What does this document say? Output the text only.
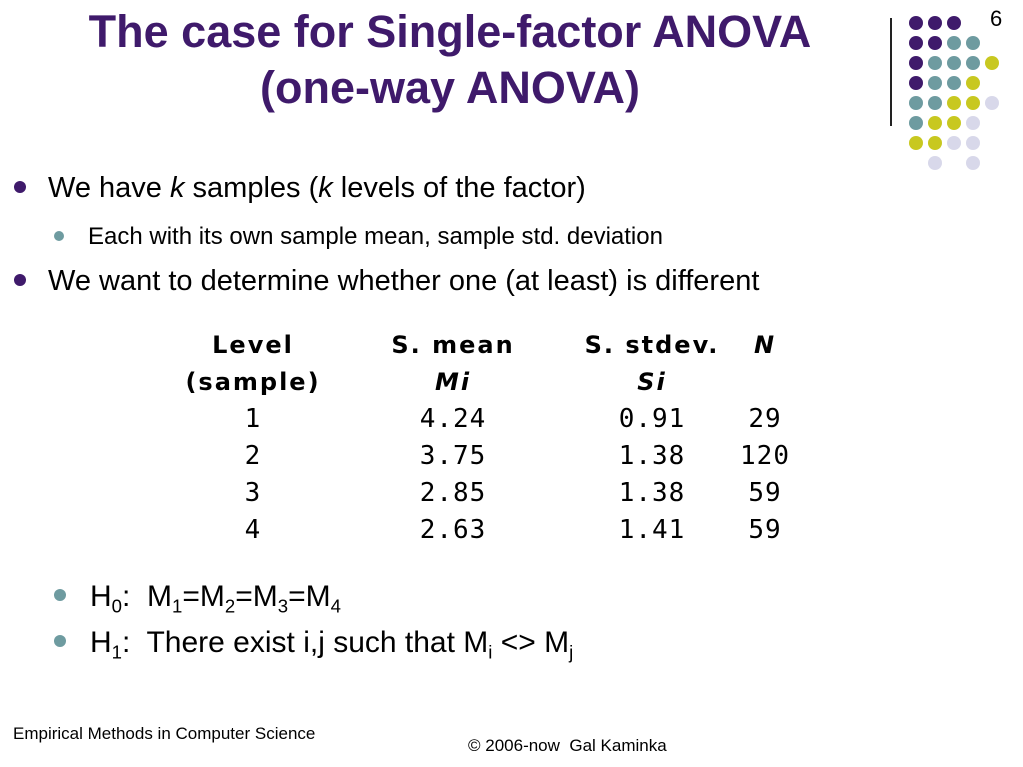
The case for Single-factor ANOVA
(one-way ANOVA)
6
We have k samples (k levels of the factor)
Each with its own sample mean, sample std. deviation
We want to determine whether one (at least) is different
Level	S. mean	S. stdev.	N
(sample)	Mi	Si	
1	4.24	0.91	29
2	3.75	1.38	120
3	2.85	1.38	59
4	2.63	1.41	59
$H_0$:  $M_1=M_2=M_3=M_4$
$H_1$:  There exist i,j such that $M_i <> M_j$
Empirical Methods in Computer Science
© 2006-now  Gal Kaminka
